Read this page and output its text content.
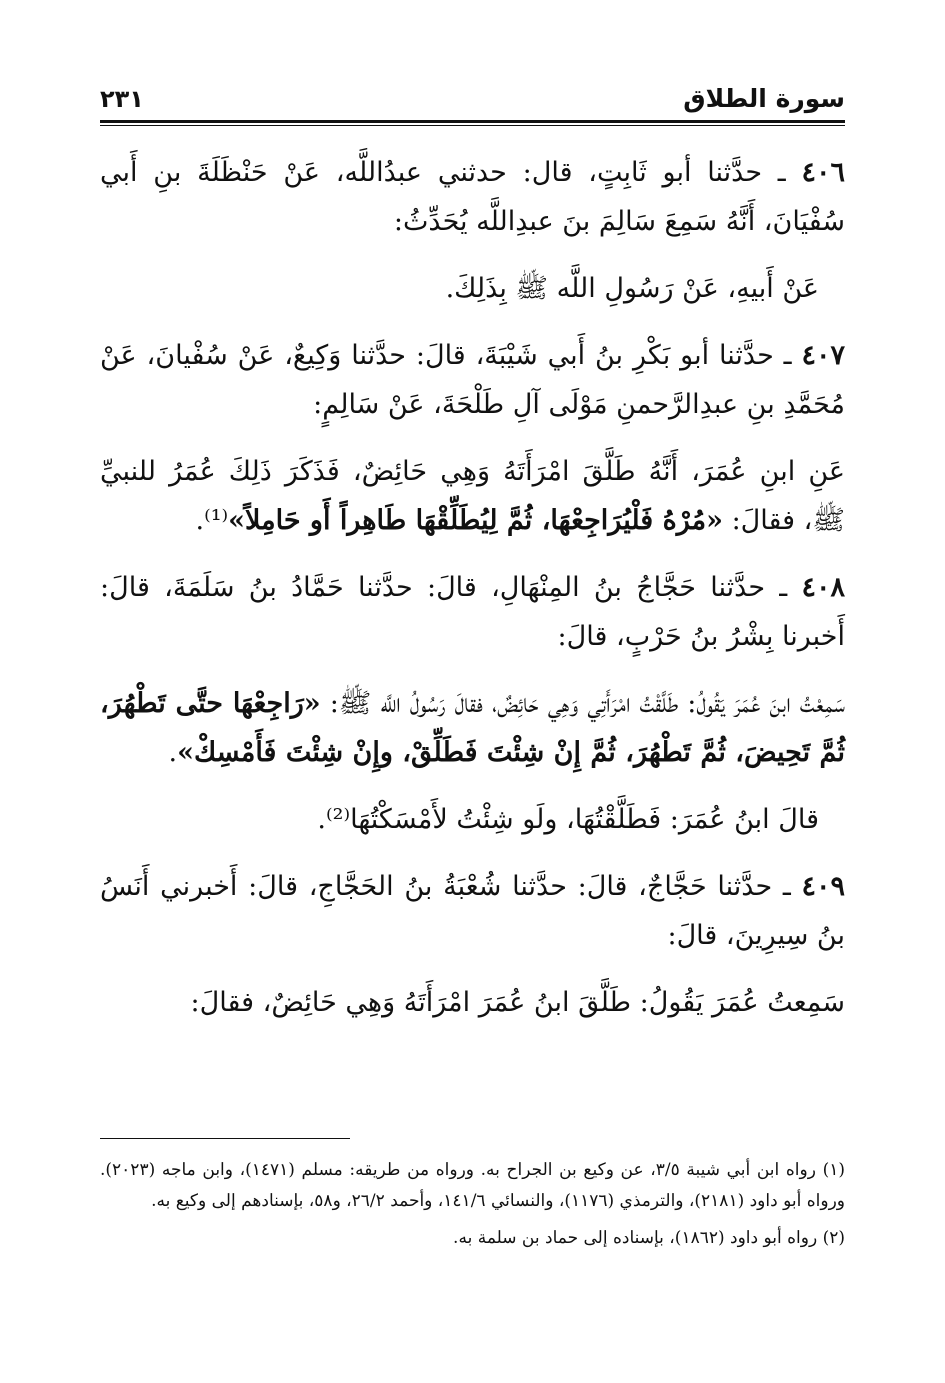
سورة الطلاق
٢٣١

٤٠٦ ـ حدَّثنا أبو ثَابِتٍ، قال: حدثني عبدُاللَّه، عَنْ حَنْظَلَةَ بنِ أَبي سُفْيَانَ، أَنَّهُ سَمِعَ سَالِمَ بنَ عبدِاللَّه يُحَدِّثُ:

عَنْ أَبيهِ، عَنْ رَسُولِ اللَّه ﷺ بِذَلِكَ.

٤٠٧ ـ حدَّثنا أبو بَكْرِ بنُ أَبي شَيْبَةَ، قالَ: حدَّثنا وَكِيعٌ، عَنْ سُفْيانَ، عَنْ مُحَمَّدِ بنِ عبدِالرَّحمنِ مَوْلَى آلِ طَلْحَةَ، عَنْ سَالِمٍ:

عَنِ ابنِ عُمَرَ، أَنَّهُ طَلَّقَ امْرَأَتَهُ وَهِي حَائِضٌ، فَذَكَرَ ذَلِكَ عُمَرُ للنبيِّ ﷺ، فقالَ: «مُرْهُ فَلْيُرَاجِعْهَا، ثُمَّ لِيُطَلِّقْهَا طَاهِراً أَو حَامِلاً»⁽¹⁾.

٤٠٨ ـ حدَّثنا حَجَّاجُ بنُ المِنْهَالِ، قالَ: حدَّثنا حَمَّادُ بنُ سَلَمَةَ، قالَ: أَخبرنا بِشْرُ بنُ حَرْبٍ، قالَ:

سَمِعْتُ ابنَ عُمَرَ يَقُولُ: طَلَّقْتُ امْرَأَتِي وَهِي حَائِضٌ، فقالَ رَسُولُ اللَّه ﷺ: «رَاجِعْهَا حتَّى تَطْهُرَ، ثُمَّ تَحِيضَ، ثُمَّ تَطْهُرَ، ثُمَّ إِنْ شِئْتَ فَطَلِّقْ، وإِنْ شِئْتَ فَأَمْسِكْ».

قالَ ابنُ عُمَرَ: فَطَلَّقْتُهَا، ولَو شِئْتُ لأَمْسَكْتُهَا⁽²⁾.

٤٠٩ ـ حدَّثنا حَجَّاجٌ، قالَ: حدَّثنا شُعْبَةُ بنُ الحَجَّاجِ، قالَ: أَخبرني أَنَسُ بنُ سِيرِينَ، قالَ:

سَمِعتُ عُمَرَ يَقُولُ: طَلَّقَ ابنُ عُمَرَ امْرَأَتَهُ وَهِي حَائِضٌ، فقالَ:

(١) رواه ابن أبي شيبة ٣/٥، عن وكيع بن الجراح به. ورواه من طريقه: مسلم (١٤٧١)، وابن ماجه (٢٠٢٣). ورواه أبو داود (٢١٨١)، والترمذي (١١٧٦)، والنسائي ١٤١/٦، وأحمد ٢٦/٢، و٥٨، بإسنادهم إلى وكيع به.

(٢) رواه أبو داود (١٨٦٢)، بإسناده إلى حماد بن سلمة به.
